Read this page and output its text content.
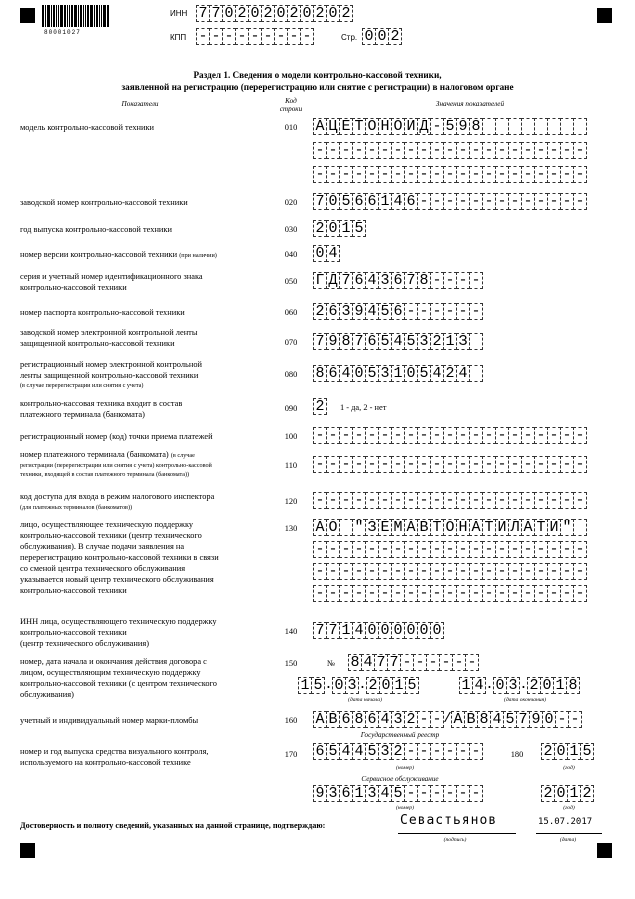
80001027
ИНН 7 7 0 2 0 2 0 2 0 2 0 2
КПП - - - - - - - - -	Стр. 0 0 2
Раздел 1. Сведения о модели контрольно-кассовой техники,
заявленной на регистрацию (перерегистрацию или снятие с регистрации) в налоговом органе
Показатели	Код строки
Значения показателей
модель контрольно-кассовой техники	010	А Ц Е Т О Н О И Д - 5 9 8
- - - - - - - - - - - - - - - - - - - - -
- - - - - - - - - - - - - - - - - - - - -
заводской номер контрольно-кассовой техники	020	7 0 5 6 6 1 4 6 - - - - - - - - - - - - -
год выпуска контрольно-кассовой техники	030	2 0 1 5
номер версии контрольно-кассовой техники (при наличии)	040	0 4
серия и учетный номер идентификационного знака
контрольно-кассовой техники
050	Г Д 7 6 4 3 6 7 8 - - - -
номер паспорта контрольно-кассовой техники	060	2 6 3 9 4 5 6 - - - - - -
заводской номер электронной контрольной ленты
защищенной контрольно-кассовой техники	070	7 9 8 7 6 5 4 5 3 2 1 З
регистрационный номер электронной контрольной
ленты защищенной контрольно-кассовой техники
(в случае перерегистрации или снятия с учета)
080	8 6 4 0 5 3 1 0 5 4 2 4
контрольно-кассовая техника входит в состав
платежного терминала (банкомата)
090	2 1 - да, 2 - нет
регистрационный номер (код) точки приема платежей	100	- - - - - - - - - - - - - - - - - - - - -
номер платежного терминала (банкомата) (в случае
регистрации (перерегистрации или снятия с учета) контрольно-кассовой
техники, входящей в состав платежного терминала (банкомата))
110	- - - - - - - - - - - - - - - - - - - - -
код доступа для входа в режим налогового инспектора
(для платежных терминалов (банкоматов))
120	- - - - - - - - - - - - - - - - - - - - -
лицо, осуществляющее техническую поддержку
контрольно-кассовой техники (центр технического
обслуживания). В случае подачи заявления на
перерегистрацию контрольно-кассовой техники в связи
со сменой центра технического обслуживания
указывается новый центр технического обслуживания
контрольно-кассовой техники
130	А О " З Е М А В Т О Н А Т И Л А Т И "
- - - - - - - - - - - - - - - - - - - - -
- - - - - - - - - - - - - - - - - - - - -
- - - - - - - - - - - - - - - - - - - - -
ИНН лица, осуществляющего техническую поддержку
контрольно-кассовой техники
(центр технического обслуживания)
140	7 7 1 4 0 0 0 0 0 0
номер, дата начала и окончания действия договора с
лицом, осуществляющим техническую поддержку
контрольно-кассовой техники (с центром технического
обслуживания)
150	№ 8 4 7 7 - - - - - -
1 5 . 0 3 . 2 0 1 5	1 4 . 0 3 . 2 0 1 8
(дата начала)	(дата окончания)
учетный и индивидуальный номер марки-пломбы	160	А В 6 8 6 4 3 2 - - / А В 8 4 5 7 9 0 - -
Государственный реестр
номер и год выпуска средства визуального контроля,
используемого на контрольно-кассовой технике
170	6 5 4 4 5 3 2 - - - - - -	180	2 0 1 5
(номер)	(год)
Сервисное обслуживание
9 3 6 1 3 4 5 - - - - - -	2 0 1 2
(номер)	(год)
Достоверность и полноту сведений, указанных на данной странице, подтверждаю:	Севастьянов	15.07.2017
(подпись)	(дата)
